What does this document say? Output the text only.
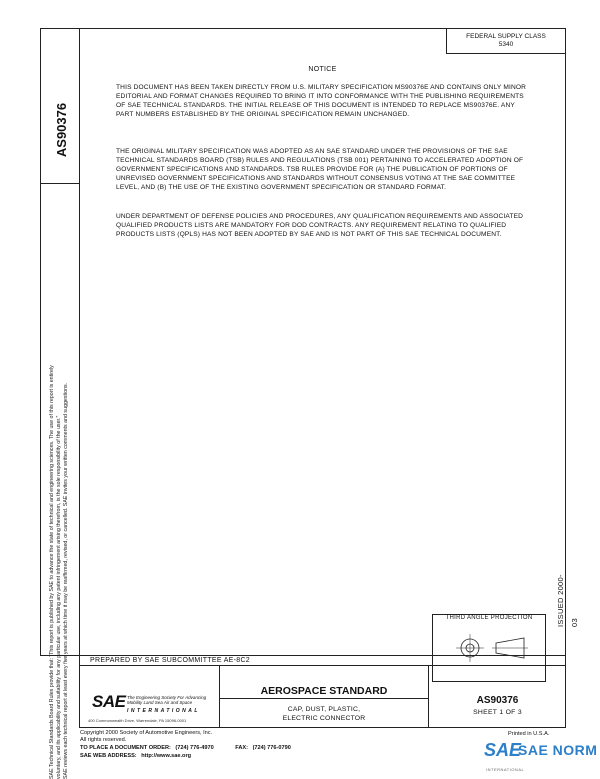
AS90376
SAE Technical Standards Board Rules provide that: “This report is published by SAE to advance the state of technical and engineering sciences. The use of this report is entirely voluntary, and its applicability and suitability for any particular use, including any patent infringement arising therefrom, is the sole responsibility of the user.” SAE reviews each technical report at least every five years at which time it may be reaffirmed, revised, or cancelled. SAE invites your written comments and suggestions.
FEDERAL SUPPLY CLASS
5340
NOTICE
THIS DOCUMENT HAS BEEN TAKEN DIRECTLY FROM U.S. MILITARY SPECIFICATION MS90376E AND CONTAINS ONLY MINOR EDITORIAL AND FORMAT CHANGES REQUIRED TO BRING IT INTO CONFORMANCE WITH THE PUBLISHING REQUIREMENTS OF SAE TECHNICAL STANDARDS. THE INITIAL RELEASE OF THIS DOCUMENT IS INTENDED TO REPLACE MS90376E. ANY PART NUMBERS ESTABLISHED BY THE ORIGINAL SPECIFICATION REMAIN UNCHANGED.
THE ORIGINAL MILITARY SPECIFICATION WAS ADOPTED AS AN SAE STANDARD UNDER THE PROVISIONS OF THE SAE TECHNICAL STANDARDS BOARD (TSB) RULES AND REGULATIONS (TSB 001) PERTAINING TO ACCELERATED ADOPTION OF GOVERNMENT SPECIFICATIONS AND STANDARDS. TSB RULES PROVIDE FOR (A) THE PUBLICATION OF PORTIONS OF UNREVISED GOVERNMENT SPECIFICATIONS AND STANDARDS WITHOUT CONSENSUS VOTING AT THE SAE COMMITTEE LEVEL, AND (B) THE USE OF THE EXISTING GOVERNMENT SPECIFICATION OR STANDARD FORMAT.
UNDER DEPARTMENT OF DEFENSE POLICIES AND PROCEDURES, ANY QUALIFICATION REQUIREMENTS AND ASSOCIATED QUALIFIED PRODUCTS LISTS ARE MANDATORY FOR DOD CONTRACTS. ANY REQUIREMENT RELATING TO QUALIFIED PRODUCTS LISTS (QPLS) HAS NOT BEEN ADOPTED BY SAE AND IS NOT PART OF THIS SAE TECHNICAL DOCUMENT.
ISSUED 2000-03
THIRD ANGLE PROJECTION
PREPARED BY SAE SUBCOMMITTEE AE-8C2
SAE The Engineering Society For Advancing Mobility Land Sea Air and Space
INTERNATIONAL
400 Commonwealth Drive, Warrendale, PA 15096-0001
AEROSPACE STANDARD
CAP, DUST, PLASTIC,
ELECTRIC CONNECTOR
AS90376
SHEET 1 OF 3
Copyright 2000 Society of Automotive Engineers, Inc.
All rights reserved.
TO PLACE A DOCUMENT ORDER: (724) 776-4970	FAX: (724) 776-0790
SAE WEB ADDRESS: http://www.sae.org
Printed in U.S.A.
SAE
SAE NORM
INTERNATIONAL
